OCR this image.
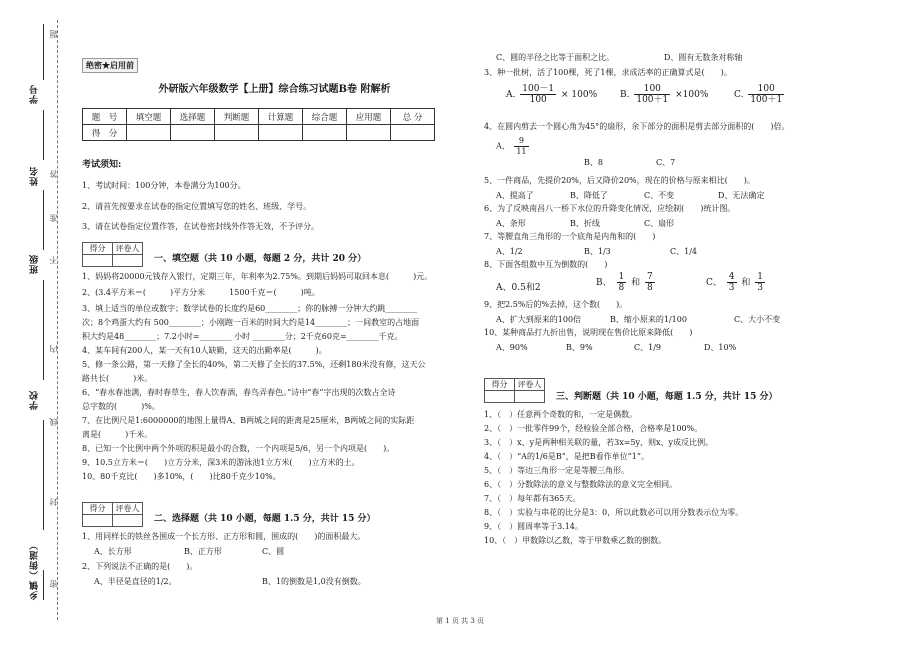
学号
姓名
班级
学校
乡镇（街道）
题
答
准
不
内
线
封
密
绝密★启用前
外研版六年级数学【上册】综合练习试题B卷 附解析
题　号	填空题	选择题	判断题	计算题	综合题	应用题	总 分
得　分							
考试须知:
1、考试时间：100分钟，本卷满分为100分。
2、请首先按要求在试卷的指定位置填写您的姓名、班级、学号。
3、请在试卷指定位置作答，在试卷密封线外作答无效，不予评分。
得分	评卷人

一、填空题（共 10 小题，每题 2 分，共计 20 分）
1、妈妈将20000元钱存入银行，定期三年，年利率为2.75%。到期后妈妈可取回本息(　　　)元。
2、(3.4平方米＝(　　　)平方分米　　　1500千克＝(　　　)吨。
3、填上适当的单位或数字；数学试卷的长度约是60________；你的脉搏一分钟大约跳________
次；8个鸡蛋大约有 500________；小刚跑一百米的时间大约是14________；一间教室的占地面
积大约是48________；7.2小时=________ 小时 ________分；2千克60克=________千克。
4、某车间有200人，某一天有10人缺勤，这天的出勤率是(　　　)。
5、修一条公路，第一天修了全长的40%，第二天修了全长的37.5%，还剩180米没有修，这天公
路共长(　　　)米。
6、“春水春池满，春时春草生，春人饮春酒，春鸟弄春色。”诗中“春”字出现的次数占全诗
总字数的(　　　)%。
7、在比例尺是1:6000000的地图上量得A、B两城之间的距离是25厘米，B两城之间的实际距
离是(　　　)千米。
8、已知一个比例中两个外项的积是最小的合数，一个内项是5/6，另一个内项是(　　)。
9、10.5立方米＝(　　)立方分米，深3米的游泳池1立方米(　　)立方米的土。
10、80千克比(　　)多10%，(　　)比80千克少10%。
得分	评卷人

二、选择题（共 10 小题，每题 1.5 分，共计 15 分）
1、用同样长的铁丝各围成一个长方形、正方形和圆，围成的(　　)的面积最大。
A、长方形	B、正方形	C、圆
2、下列说法不正确的是(　　)。
A、半径是直径的1/2。	B、1的倒数是1,0没有倒数。
C、圆的半径之比等于面积之比。	D、圆有无数条对称轴
3、种一批树，活了100棵，死了1棵，求成活率的正确算式是(　　)。
A. $\frac{100-1}{100} \times 100\%$	B. $\frac{100}{100+1} \times 100\%$	C. $\frac{100}{100+1}$
4、在圆内剪去一个圆心角为45°的扇形，余下部分的面积是剪去部分面积的(　　)倍。
A、 $\frac{9}{11}$
B、8	C、7
5、一件商品，先提价20%，后又降价20%，现在的价格与原来相比(　　)。
A、提高了	B、降低了	C、不变	D、无法确定
6、为了反映南昌八一桥下水位的升降变化情况，应绘制(　　)统计图。
A、条形	B、折线	C、扇形
7、等腰直角三角形的一个底角是内角和的(　　)
A、1/2	B、1/3	C、1/4
8、下面各组数中互为倒数的(　　)
A、0.5和2	B、 $\frac{1}{8}$ 和 $\frac{7}{8}$	C、 $\frac{4}{3}$ 和 $\frac{1}{3}$
9、把2.5%后的%去掉，这个数(　　)。
A、扩大到原来的100倍	B、缩小原来的1/100	C、大小不变
10、某种商品打九折出售，说明现在售价比原来降低(　　)
A、90%	B、9%	C、1/9	D、10%
得分	评卷人

三、判断题（共 10 小题，每题 1.5 分，共计 15 分）
1、（　）任意两个奇数的和，一定是偶数。
2、（　）一批零件99个，经检验全部合格，合格率是100%。
3、（　）x、y是两种相关联的量，若3x=5y，则x、y成反比例。
4、（　）“A的1/6是B”，是把B看作单位“1”。
5、（　）等边三角形一定是等腰三角形。
6、（　）分数除法的意义与整数除法的意义完全相同。
7、（　）每年都有365天。
8、（　）实验与串花的比分是3：0，所以此数必可以用分数表示位为零。
9、（　）圆周率等于3.14。
10、（　）甲数除以乙数，等于甲数乘乙数的倒数。
第 1 页 共 3 页
